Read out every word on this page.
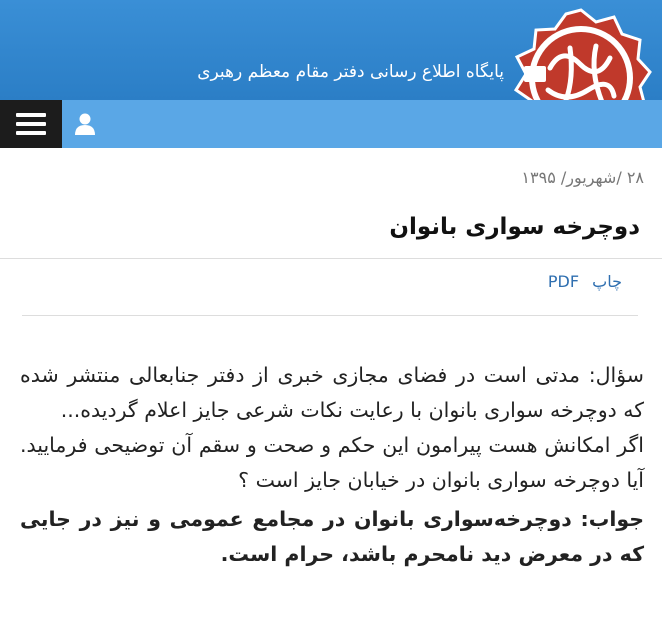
پایگاه اطلاع رسانی دفتر مقام معظم رهبری
۲۸ /شهریور/ ۱۳۹۵
دوچرخه سواری بانوان
چاپ PDF

سؤال: مدتی است در فضای مجازی خبری از دفتر جنابعالی منتشر شده که دوچرخه سواری بانوان با رعایت نکات شرعی جایز اعلام گردیده...

اگر امکانش هست پیرامون این حکم و صحت و سقم آن توضیحی فرمایید. آیا دوچرخه سواری بانوان در خیابان جایز است ؟

جواب: دوچرخه‌سواری بانوان در مجامع عمومی و نیز در جایی که در معرض دید نامحرم باشد، حرام است.
